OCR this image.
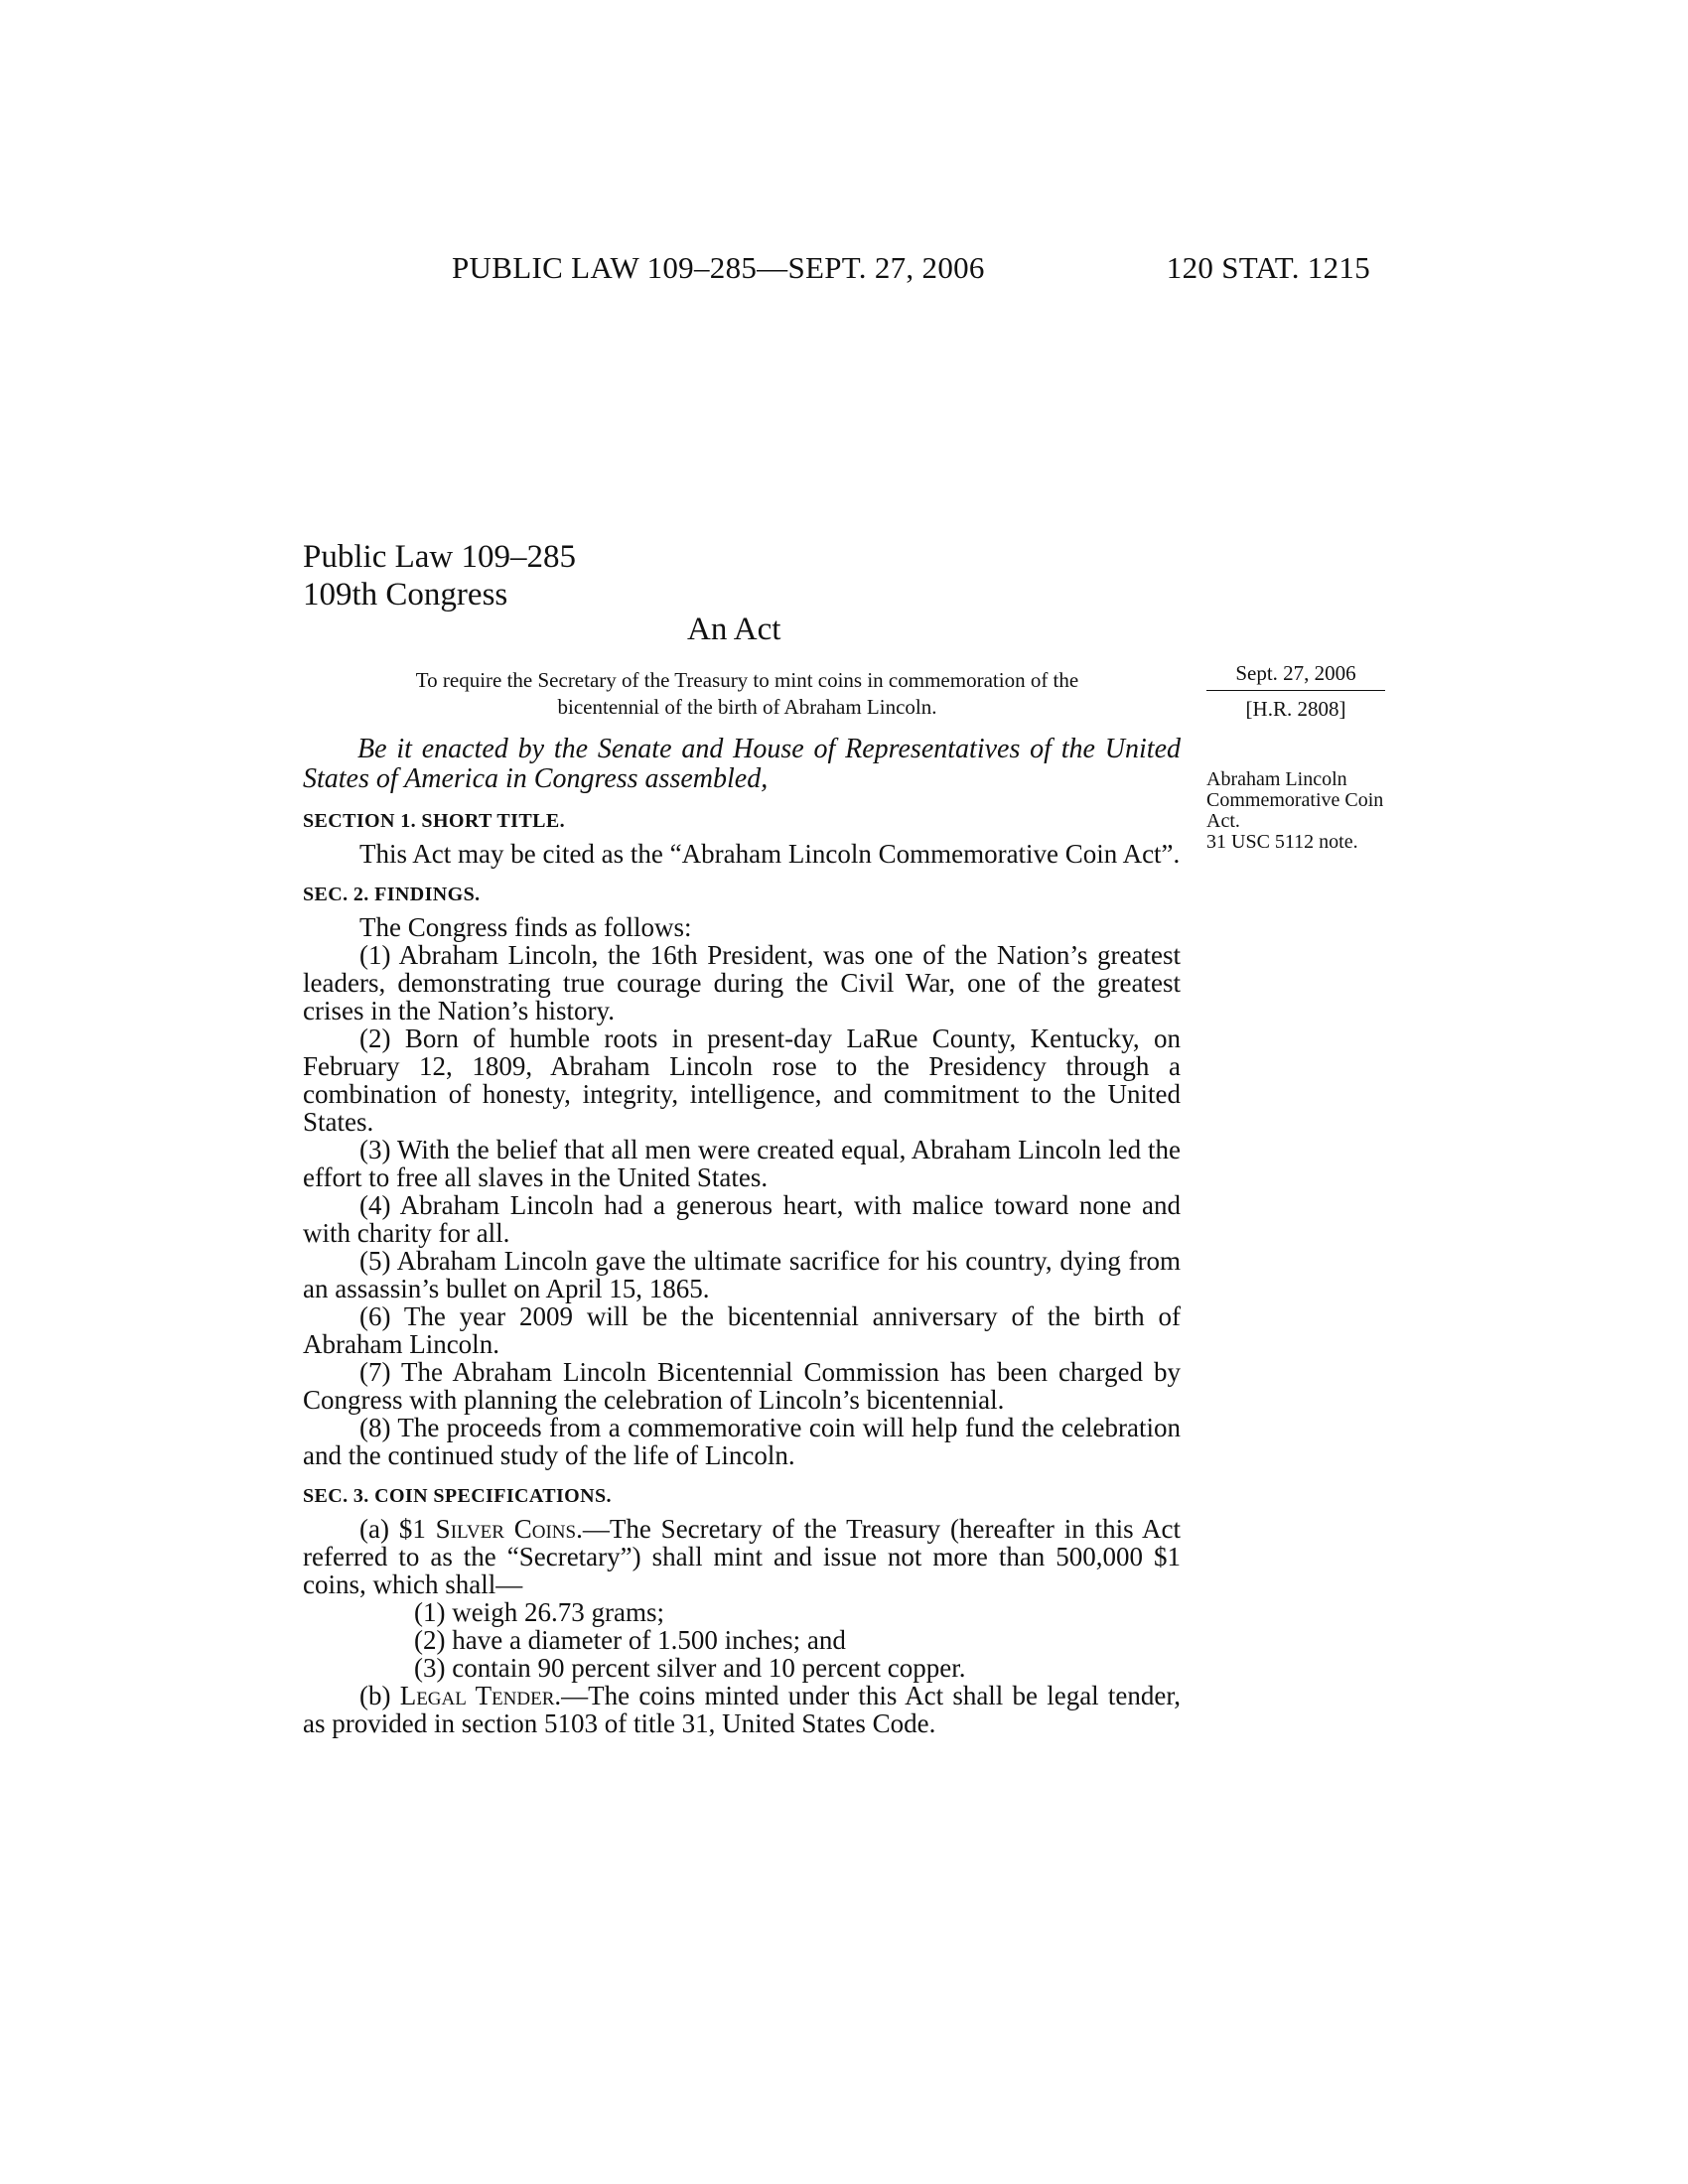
PUBLIC LAW 109–285—SEPT. 27, 2006	120 STAT. 1215
Public Law 109–285
109th Congress
An Act
To require the Secretary of the Treasury to mint coins in commemoration of the
bicentennial of the birth of Abraham Lincoln.
Sept. 27, 2006
[H.R. 2808]
Abraham Lincoln Commemorative Coin Act.
31 USC 5112 note.

Be it enacted by the Senate and House of Representatives of the United States of America in Congress assembled,

SECTION 1. SHORT TITLE.

This Act may be cited as the “Abraham Lincoln Commemorative Coin Act”.

SEC. 2. FINDINGS.

The Congress finds as follows:

(1) Abraham Lincoln, the 16th President, was one of the Nation’s greatest leaders, demonstrating true courage during the Civil War, one of the greatest crises in the Nation’s history.

(2) Born of humble roots in present-day LaRue County, Kentucky, on February 12, 1809, Abraham Lincoln rose to the Presidency through a combination of honesty, integrity, intelligence, and commitment to the United States.

(3) With the belief that all men were created equal, Abraham Lincoln led the effort to free all slaves in the United States.

(4) Abraham Lincoln had a generous heart, with malice toward none and with charity for all.

(5) Abraham Lincoln gave the ultimate sacrifice for his country, dying from an assassin’s bullet on April 15, 1865.

(6) The year 2009 will be the bicentennial anniversary of the birth of Abraham Lincoln.

(7) The Abraham Lincoln Bicentennial Commission has been charged by Congress with planning the celebration of Lincoln’s bicentennial.

(8) The proceeds from a commemorative coin will help fund the celebration and the continued study of the life of Lincoln.

SEC. 3. COIN SPECIFICATIONS.

(a) $1 Silver Coins.—The Secretary of the Treasury (hereafter in this Act referred to as the “Secretary”) shall mint and issue not more than 500,000 $1 coins, which shall—

(1) weigh 26.73 grams;

(2) have a diameter of 1.500 inches; and

(3) contain 90 percent silver and 10 percent copper.

(b) Legal Tender.—The coins minted under this Act shall be legal tender, as provided in section 5103 of title 31, United States Code.
